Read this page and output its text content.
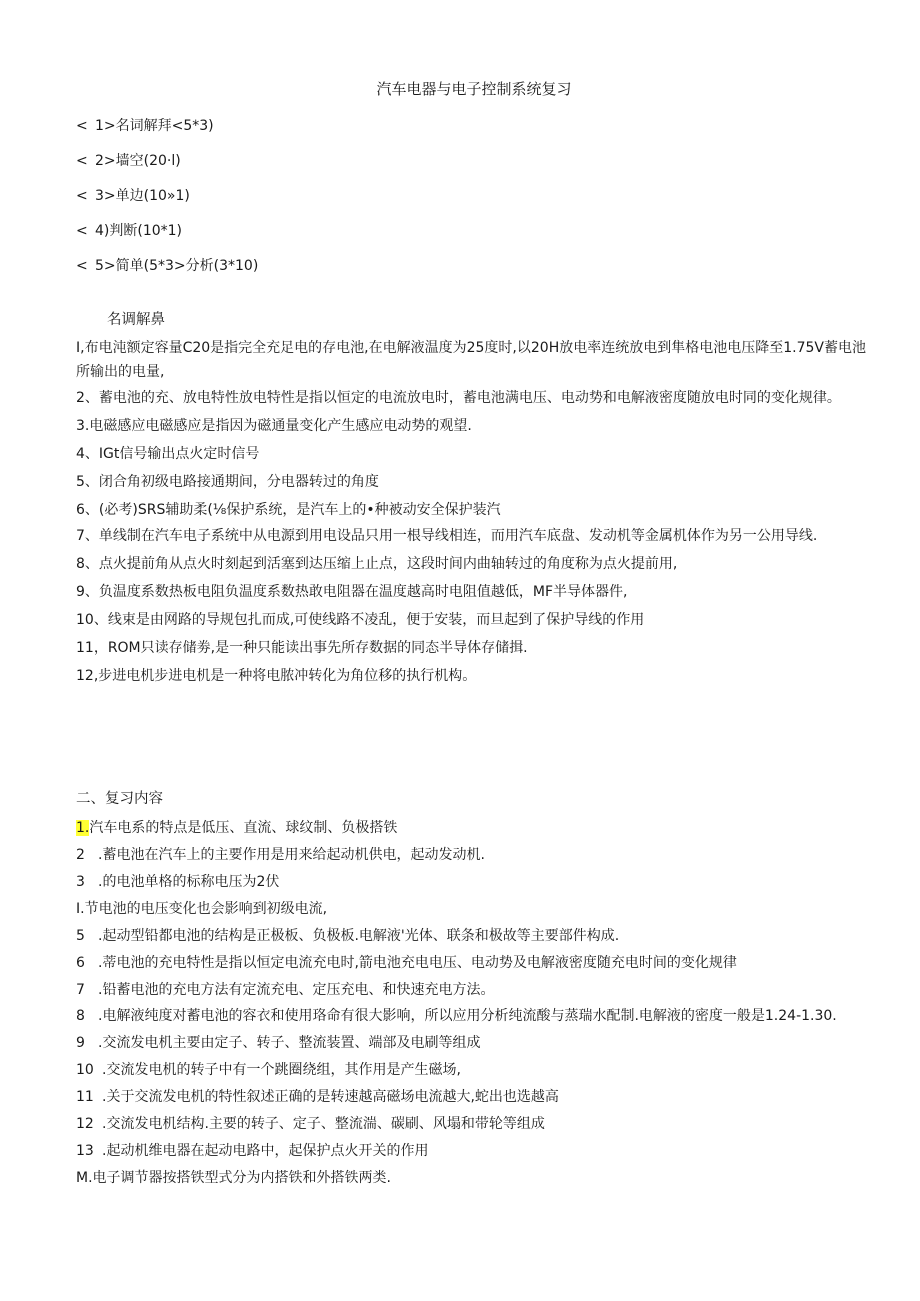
汽车电器与电子控制系统复习
< 1>名词解拜<5*3)
< 2>墙空(20·l)
< 3>单边(10»1)
< 4)判断(10*1)
< 5>简单(5*3>分析(3*10)
名调解鼻
I,布电沌额定容量C20是指完全充足电的存电池,在电解液温度为25度时,以20H放电率连统放电到隼格电池电压降至1.75V蓄电池所输出的电量,
2、蓄电池的充、放电特性放电特性是指以恒定的电流放电时，蓄电池满电压、电动势和电解液密度随放电时同的变化规律。
3.电磁感应电磁感应是指因为磁通量变化产生感应电动势的观望.
4、IGt信号输出点火定时信号
5、闭合角初级电路接通期间，分电器转过的角度
6、(必考)SRS辅助柔(⅛保护系统，是汽车上的•种被动安全保护装汽
7、单线制在汽车电子系统中从电源到用电设品只用一根导线相连，而用汽车底盘、发动机等金属机体作为另一公用导线.
8、点火提前角从点火时刻起到活塞到达压缩上止点，这段时间内曲轴转过的角度称为点火提前用,
9、负温度系数热板电阻负温度系数热敢电阻器在温度越高时电阻值越低，MF半导体器件,
10、线束是由网路的导规包扎而成,可使线路不凌乱，便于安装，而旦起到了保护导线的作用
11，ROM只读存储劵,是一种只能读出事先所存数据的同态半导体存储揖.
12,步进电机步进电机是一种将电脓冲转化为角位移的执行机构。
二、复习内容
1.汽车电系的特点是低压、直流、球纹制、负极搭铁
2 .蓄电池在汽车上的主要作用是用来给起动机供电，起动发动机.
3 .的电池单格的标称电压为2伏
I.节电池的电压变化也会影响到初级电流,
5 .起动型铅都电池的结构是正极板、负极板.电解液'光体、联条和极故等主要部件构成.
6 .蒂电池的充电特性是指以恒定电流充电时,箭电池充电电压、电动势及电解液密度随充电时间的变化规律
7 .铅蓄电池的充电方法有定流充电、定压充电、和快速充电方法。
8 .电解液纯度对蓄电池的容衣和使用珞命有很大影响，所以应用分析纯流酸与蒸瑞水配制.电解液的密度一般是1.24-1.30.
9 .交流发电机主要由定子、转子、整流装置、端部及电刷等组成
10 .交流发电机的转子中有一个跳圈绕组，其作用是产生磁场,
11 .关于交流发电机的特性叙述正确的是转速越高磁场电流越大,蛇出也选越高
12 .交流发电机结构.主要的转子、定子、整流湍、碳刷、风塌和带轮等组成
13 .起动机维电器在起动电路中，起保护点火开关的作用
M.电子调节器按搭铁型式分为内搭铁和外搭铁两类.
